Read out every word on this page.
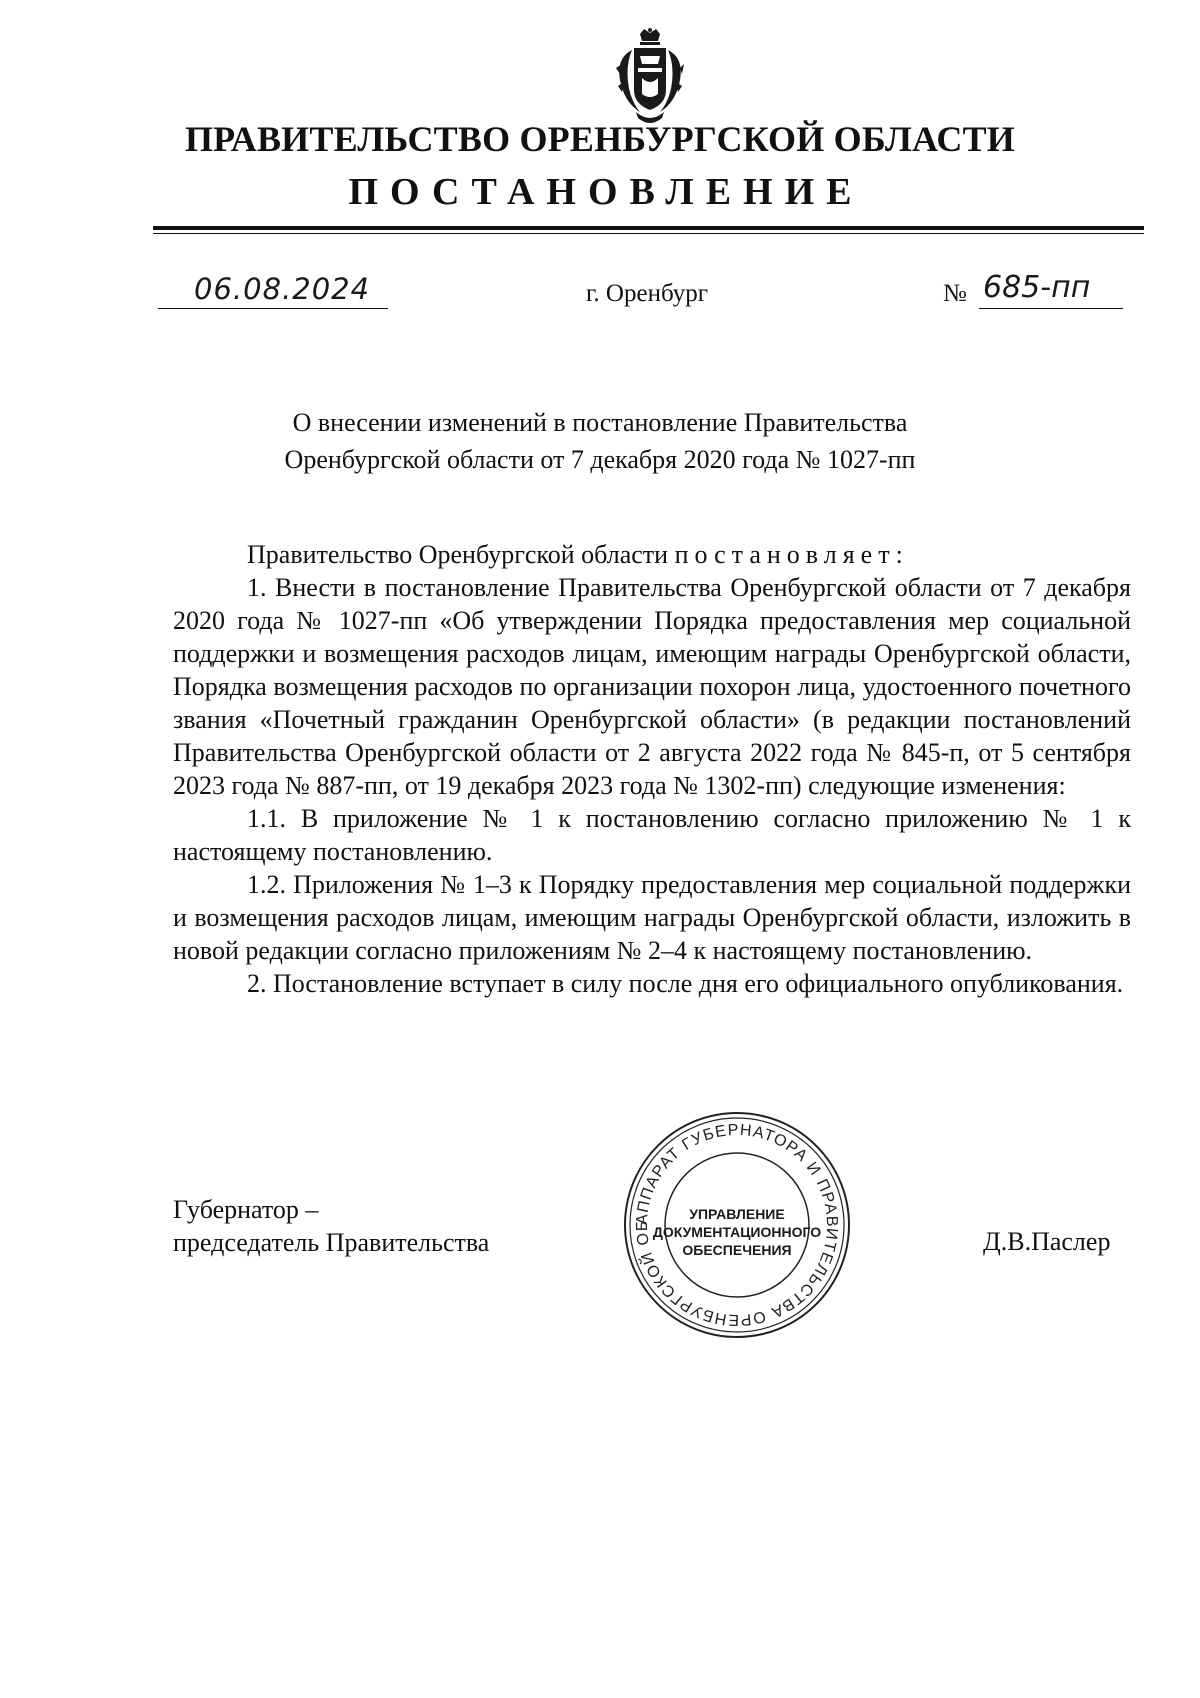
ПРАВИТЕЛЬСТВО ОРЕНБУРГСКОЙ ОБЛАСТИ
ПОСТАНОВЛЕНИЕ
06.08.2024	г. Оренбург	№ 685-пп
О внесении изменений в постановление Правительства
Оренбургской области от 7 декабря 2020 года № 1027-пп

Правительство Оренбургской области постановляет:

1. Внести в постановление Правительства Оренбургской области от 7 декабря 2020 года № 1027-пп «Об утверждении Порядка предоставления мер социальной поддержки и возмещения расходов лицам, имеющим награды Оренбургской области, Порядка возмещения расходов по организации похорон лица, удостоенного почетного звания «Почетный гражданин Оренбургской области» (в редакции постановлений Правительства Оренбургской области от 2 августа 2022 года № 845-п, от 5 сентября 2023 года № 887-пп, от 19 декабря 2023 года № 1302-пп) следующие изменения:

1.1. В приложение № 1 к постановлению согласно приложению № 1 к настоящему постановлению.

1.2. Приложения № 1–3 к Порядку предоставления мер социальной поддержки и возмещения расходов лицам, имеющим награды Оренбургской области, изложить в новой редакции согласно приложениям № 2–4 к настоящему постановлению.

2. Постановление вступает в силу после дня его официального опубликования.

Губернатор –
председатель Правительства
АППАРАТ ГУБЕРНАТОРА И ПРАВИТЕЛЬСТВА ОРЕНБУРГСКОЙ ОБ
УПРАВЛЕНИЕ
ДОКУМЕНТАЦИОННОГО
ОБЕСПЕЧЕНИЯ	Д.В.Паслер
